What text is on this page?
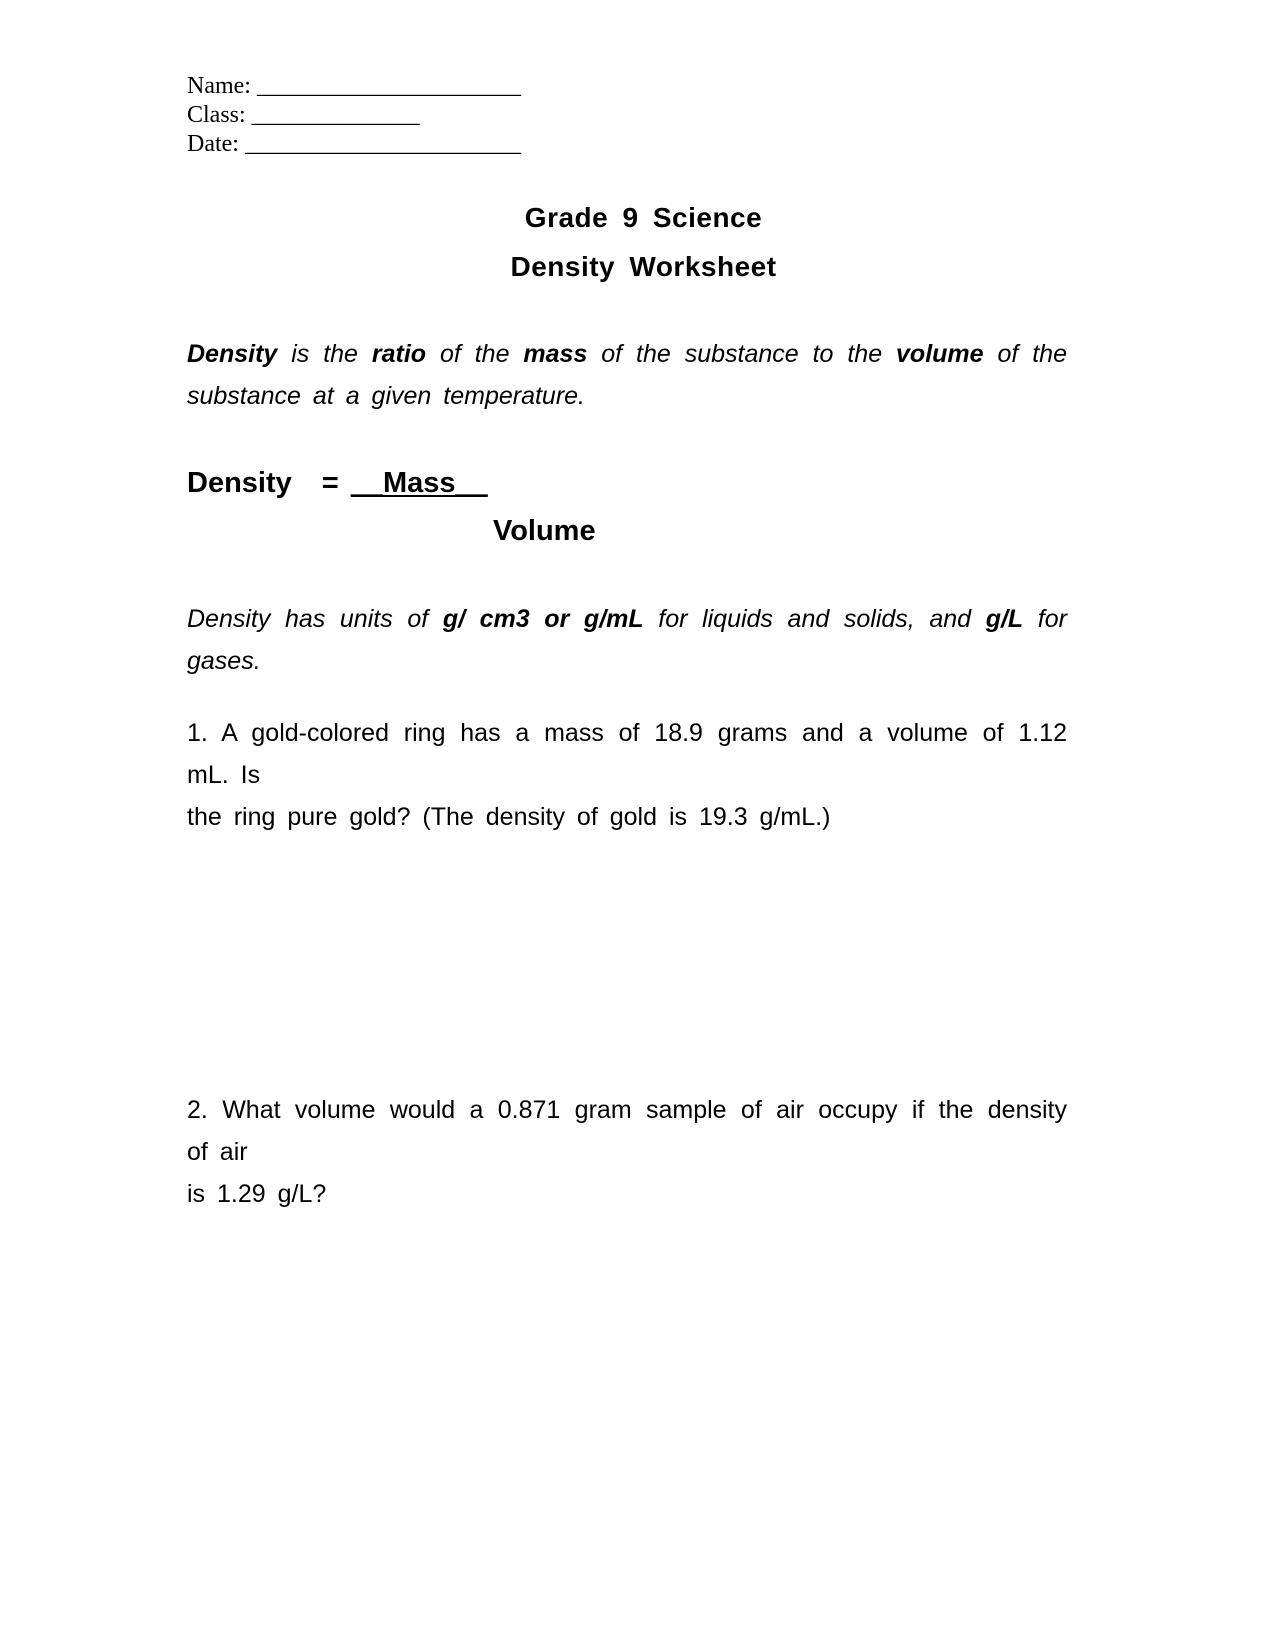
Name: ______________________
Class: ______________
Date: _______________________
Grade 9 Science
Density Worksheet
Density is the ratio of the mass of the substance to the volume of the substance at a given temperature.
Density = __Mass__
Volume
Density has units of g/ cm3 or g/mL for liquids and solids, and g/L for gases.
1. A gold-colored ring has a mass of 18.9 grams and a volume of 1.12
mL. Is
the ring pure gold? (The density of gold is 19.3 g/mL.)
2. What volume would a 0.871 gram sample of air occupy if the density
of air
is 1.29 g/L?
